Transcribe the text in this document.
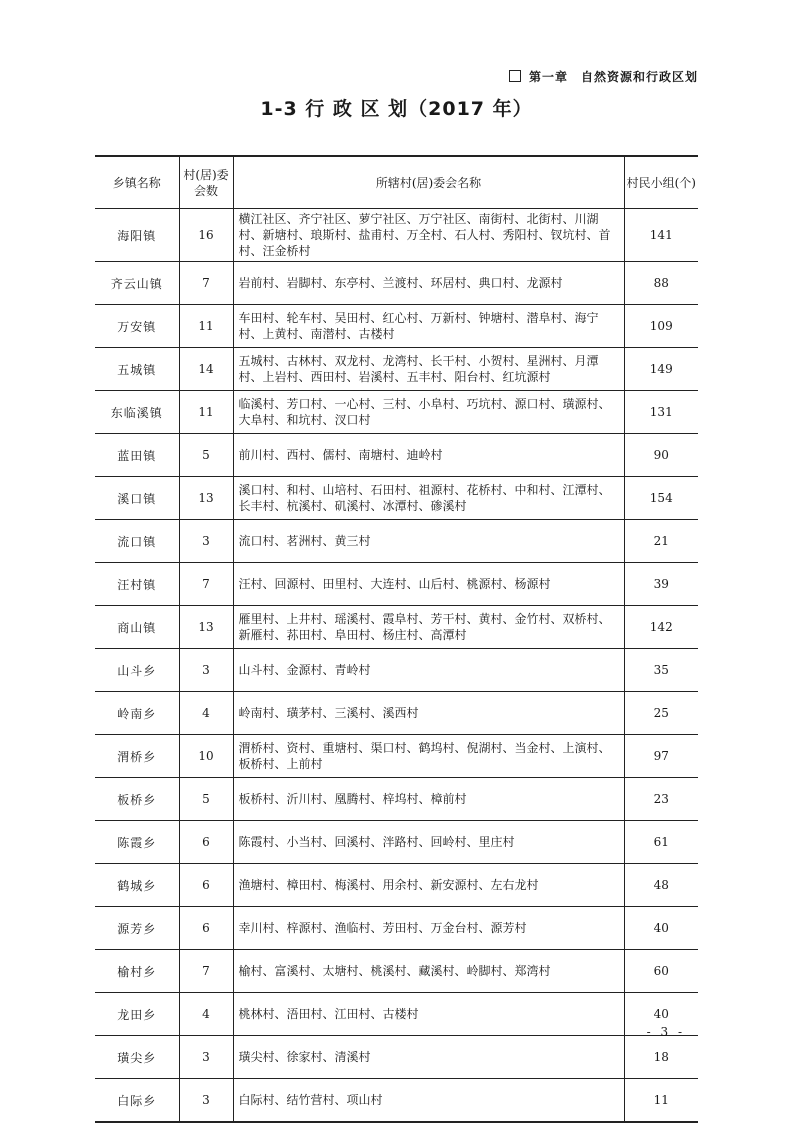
第一章　自然资源和行政区划
1-3 行 政 区 划（2017 年）
乡镇名称	村(居)委会数	所辖村(居)委会名称	村民小组(个)
海阳镇	16	横江社区、齐宁社区、萝宁社区、万宁社区、南街村、北街村、川湖村、新塘村、琅斯村、盐甫村、万全村、石人村、秀阳村、钗坑村、首村、汪金桥村	141
齐云山镇	7	岩前村、岩脚村、东亭村、兰渡村、环居村、典口村、龙源村	88
万安镇	11	车田村、轮车村、吴田村、红心村、万新村、钟塘村、潜阜村、海宁村、上黄村、南潜村、古楼村	109
五城镇	14	五城村、古林村、双龙村、龙湾村、长干村、小贺村、星洲村、月潭村、上岩村、西田村、岩溪村、五丰村、阳台村、红坑源村	149
东临溪镇	11	临溪村、芳口村、一心村、三村、小阜村、巧坑村、源口村、璜源村、大阜村、和坑村、汊口村	131
蓝田镇	5	前川村、西村、儒村、南塘村、迪岭村	90
溪口镇	13	溪口村、和村、山培村、石田村、祖源村、花桥村、中和村、江潭村、长丰村、杭溪村、矶溪村、冰潭村、碜溪村	154
流口镇	3	流口村、茗洲村、黄三村	21
汪村镇	7	汪村、回源村、田里村、大连村、山后村、桃源村、杨源村	39
商山镇	13	雁里村、上井村、瑶溪村、霞阜村、芳干村、黄村、金竹村、双桥村、新雁村、荪田村、阜田村、杨庄村、高潭村	142
山斗乡	3	山斗村、金源村、青岭村	35
岭南乡	4	岭南村、璜茅村、三溪村、溪西村	25
渭桥乡	10	渭桥村、资村、重塘村、渠口村、鹤坞村、倪湖村、当金村、上演村、板桥村、上前村	97
板桥乡	5	板桥村、沂川村、凰腾村、梓坞村、樟前村	23
陈霞乡	6	陈霞村、小当村、回溪村、泮路村、回岭村、里庄村	61
鹤城乡	6	渔塘村、樟田村、梅溪村、用余村、新安源村、左右龙村	48
源芳乡	6	幸川村、梓源村、渔临村、芳田村、万金台村、源芳村	40
榆村乡	7	榆村、富溪村、太塘村、桃溪村、藏溪村、岭脚村、郑湾村	60
龙田乡	4	桃林村、浯田村、江田村、古楼村	40
璜尖乡	3	璜尖村、徐家村、清溪村	18
白际乡	3	白际村、结竹营村、项山村	11
- 3 -
